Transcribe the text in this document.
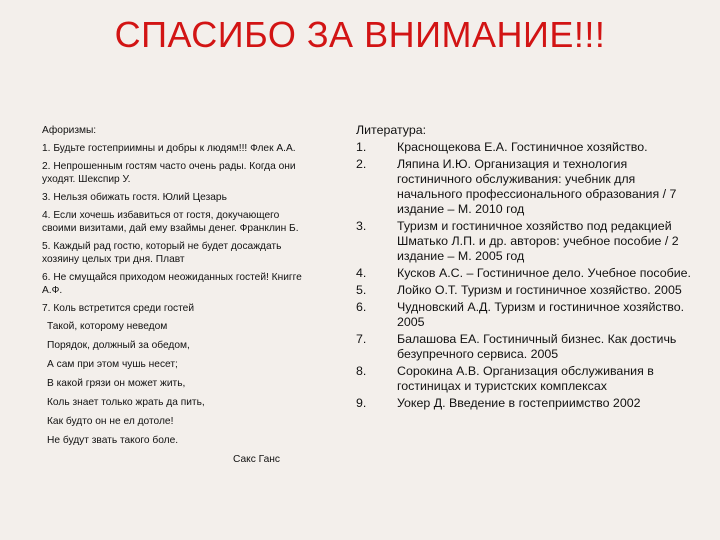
СПАСИБО ЗА ВНИМАНИЕ!!!
Афоризмы:
1. Будьте гостеприимны и добры к людям!!! Флек А.А.
2. Непрошенным гостям часто очень рады. Когда они уходят. Шекспир У.
3. Нельзя обижать гостя. Юлий Цезарь
4. Если хочешь избавиться от гостя, докучающего своими визитами, дай ему взаймы денег. Франклин Б.
5. Каждый рад гостю, который не будет досаждать хозяину целых три дня. Плавт
6. Не смущайся приходом неожиданных гостей! Книгге А.Ф.
7. Коль встретится среди гостей
Такой, которому неведом
Порядок, должный за обедом,
А сам при этом чушь несет;
В какой грязи он может жить,
Коль знает только жрать да пить,
Как будто он не ел дотоле!
Не будут звать такого боле.
Сакс Ганс
Литература:
1.	Краснощекова Е.А. Гостиничное хозяйство.
2.	Ляпина И.Ю. Организация и технология гостиничного обслуживания: учебник для начального профессионального образования / 7 издание – М. 2010 год
3.	Туризм и гостиничное хозяйство под редакцией Шматько Л.П. и др. авторов: учебное пособие / 2 издание – М. 2005 год
4.	Кусков А.С. – Гостиничное дело. Учебное пособие.
5.	Лойко О.Т. Туризм и гостиничное хозяйство. 2005
6.	Чудновский А.Д. Туризм и гостиничное хозяйство. 2005
7.	Балашова ЕА. Гостиничный бизнес. Как достичь безупречного сервиса. 2005
8.	Сорокина А.В. Организация обслуживания в гостиницах и туристских комплексах
9.	Уокер Д. Введение в гостеприимство 2002
